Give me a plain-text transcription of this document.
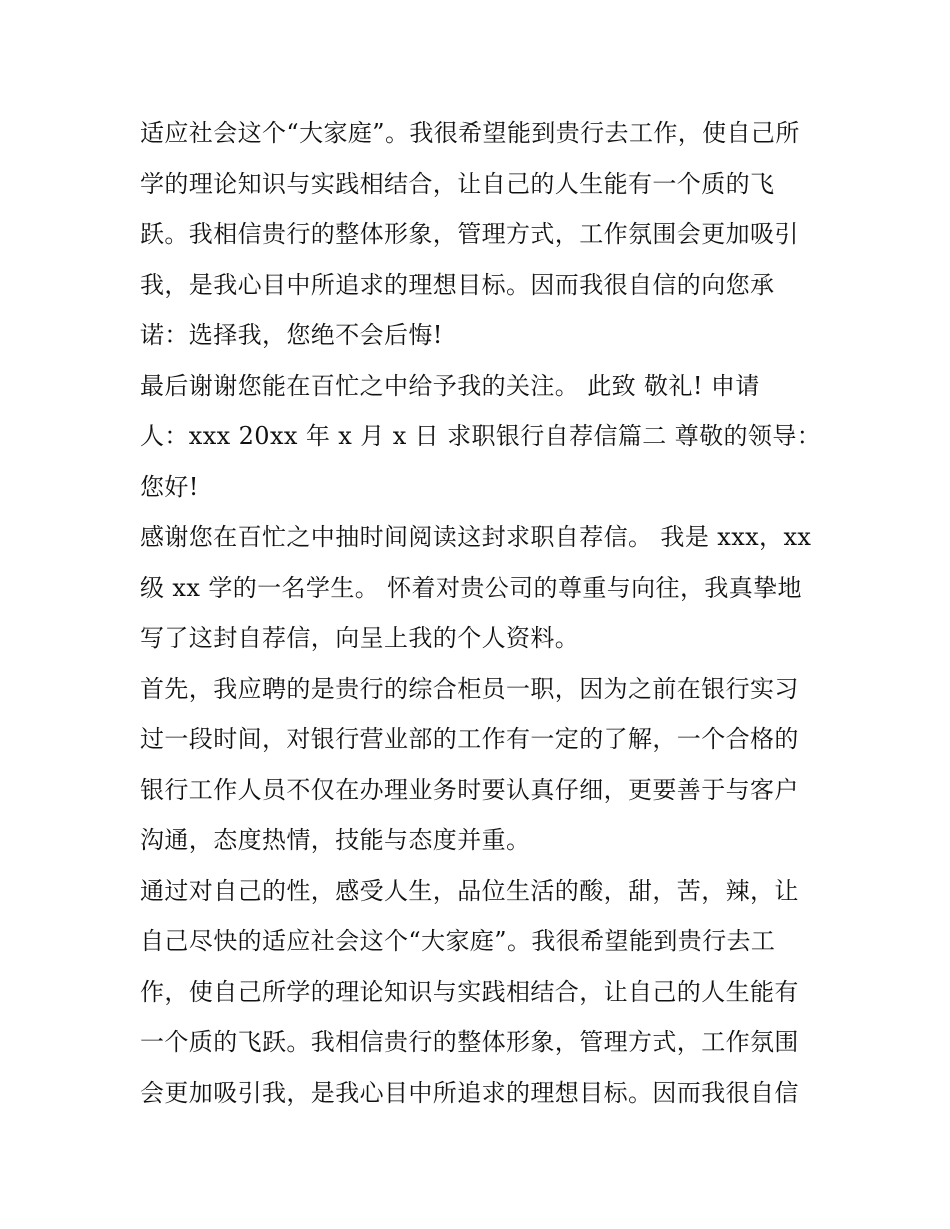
适应社会这个“大家庭”。我很希望能到贵行去工作，使自己所
学的理论知识与实践相结合，让自己的人生能有一个质的飞
跃。我相信贵行的整体形象，管理方式，工作氛围会更加吸引
我，是我心目中所追求的理想目标。因而我很自信的向您承
诺：选择我，您绝不会后悔!
最后谢谢您能在百忙之中给予我的关注。 此致 敬礼! 申请
人：xxx 20xx 年 x 月 x 日 求职银行自荐信篇二 尊敬的领导：
您好!
感谢您在百忙之中抽时间阅读这封求职自荐信。 我是 xxx，xx
级 xx 学的一名学生。 怀着对贵公司的尊重与向往，我真挚地
写了这封自荐信，向呈上我的个人资料。
首先，我应聘的是贵行的综合柜员一职，因为之前在银行实习
过一段时间，对银行营业部的工作有一定的了解，一个合格的
银行工作人员不仅在办理业务时要认真仔细，更要善于与客户
沟通，态度热情，技能与态度并重。
通过对自己的性，感受人生，品位生活的酸，甜，苦，辣，让
自己尽快的适应社会这个“大家庭”。我很希望能到贵行去工
作，使自己所学的理论知识与实践相结合，让自己的人生能有
一个质的飞跃。我相信贵行的整体形象，管理方式，工作氛围
会更加吸引我，是我心目中所追求的理想目标。因而我很自信
